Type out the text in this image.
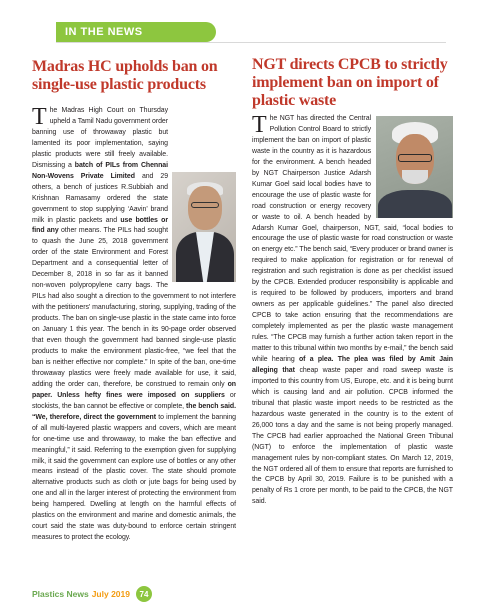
IN THE NEWS
Madras HC upholds ban on single-use plastic products
T he Madras High Court on Thursday upheld a Tamil Nadu government order banning use of throwaway plastic but lamented its poor implementation, saying plastic products were still freely available. Dismissing a batch of PILs from Chennai Non-Wovens Private Limited and 29 others, a bench of justices R.Subbiah and Krishnan Ramasamy ordered the state government to stop supplying ‘Aavin’ brand milk in plastic packets and use bottles or find any other means. The PILs had sought to quash the June 25, 2018 government order of the state Environment and Forest Department and a consequential letter of December 8, 2018 in so far as it banned non-woven polypropylene carry bags. The PILs had also sought a direction to the government to not interfere with the petitioners' manufacturing, storing, supplying, trading of the products. The ban on single-use plastic in the state came into force on January 1 this year. The bench in its 90-page order observed that even though the government had banned single-use plastic products to make the environment plastic-free, “we feel that the ban is neither effective nor complete.” In spite of the ban, one-time throwaway plastics were freely made available for use, it said, adding the order can, therefore, be construed to remain only on paper. Unless hefty fines were imposed on suppliers or stockists, the ban cannot be effective or complete, the bench said. “We, therefore, direct the government to implement the banning of all multi-layered plastic wrappers and covers, which are meant for one-time use and throwaway, to make the ban effective and meaningful,” it said. Referring to the exemption given for supplying milk, it said the government can explore use of bottles or any other means instead of the plastic cover. The state should promote alternative products such as cloth or jute bags for being used by one and all in the larger interest of protecting the environment from being hampered. Dwelling at length on the harmful effects of plastics on the environment and marine and domestic animals, the court said the state was duty-bound to enforce certain stringent measures to protect the ecology.

NGT directs CPCB to strictly implement ban on import of plastic waste
T he NGT has directed the Central Pollution Control Board to strictly implement the ban on import of plastic waste in the country as it is hazardous for the environment. A bench headed by NGT Chairperson Justice Adarsh Kumar Goel said local bodies have to encourage the use of plastic waste for road construction or energy recovery or waste to oil. A bench headed by Adarsh Kumar Goel, chairperson, NGT, said, “local bodies to encourage the use of plastic waste for road construction or waste on energy etc.” The bench said, “Every producer or brand owner is required to make application for registration or for renewal of registration and such registration is done as per checklist issued by the CPCB. Extended producer responsibility is applicable and is required to be followed by producers, importers and brand owners as per applicable guidelines.” The panel also directed CPCB to take action ensuring that the recommendations are completely implemented as per the plastic waste management rules. “The CPCB may furnish a further action taken report in the matter to this tribunal within two months by e-mail,” the bench said while hearing of a plea. The plea was filed by Amit Jain alleging that cheap waste paper and road sweep waste is imported to this country from US, Europe, etc. and it is being burnt which is causing land and air pollution. CPCB informed the tribunal that plastic waste import needs to be restricted as the hazardous waste generated in the country is to the extent of 26,000 tons a day and the same is not being properly managed. The CPCB had earlier approached the National Green Tribunal (NGT) to enforce the implementation of plastic waste management rules by non-compliant states. On March 12, 2019, the NGT ordered all of them to ensure that reports are furnished to the CPCB by April 30, 2019. Failure is to be punished with a penalty of Rs 1 crore per month, to be paid to the CPCB, the NGT said.

Plastics News July 2019	74
